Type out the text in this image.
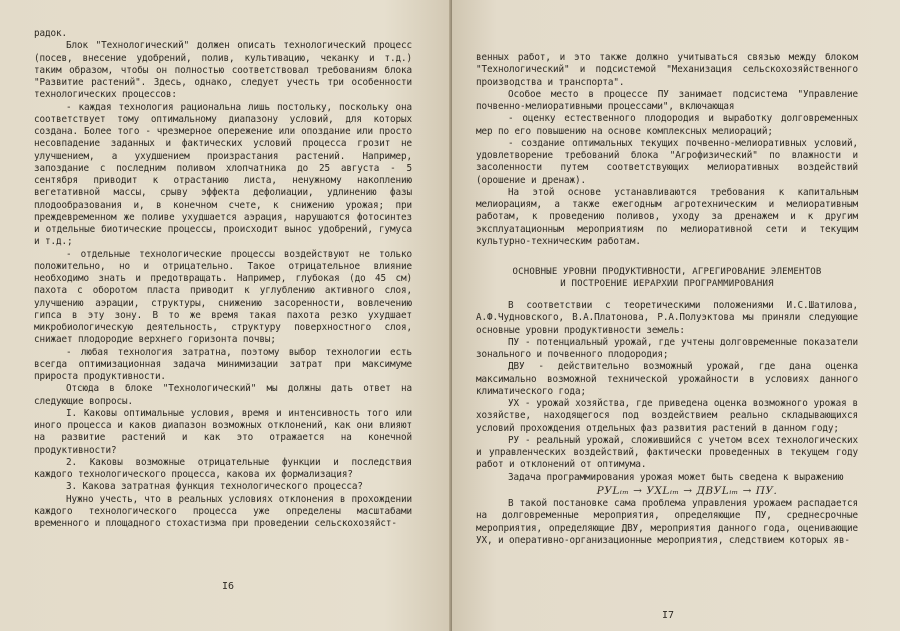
радок.

Блок "Технологический" должен описать технологический процесс (посев, внесение удобрений, полив, культивацию, чеканку и т.д.) таким образом, чтобы он полностью соответствовал требованиям блока "Развитие растений". Здесь, однако, следует учесть три особенности технологических процессов:

- каждая технология рациональна лишь постольку, поскольку она соответствует тому оптимальному диапазону условий, для которых создана. Более того - чрезмерное опережение или опоздание или просто несовпадение заданных и фактических условий процесса грозит не улучшением, а ухудшением произрастания растений. Например, запоздание с последним поливом хлопчатника до 25 августа - 5 сентября приводит к отрастанию листа, ненужному накоплению вегетативной массы, срыву эффекта дефолиации, удлинению фазы плодообразования и, в конечном счете, к снижению урожая; при преждевременном же поливе ухудшается аэрация, нарушаются фотосинтез и отдельные биотические процессы, происходит вынос удобрений, гумуса и т.д.;

- отдельные технологические процессы воздействуют не только положительно, но и отрицательно. Такое отрицательное влияние необходимо знать и предотвращать. Например, глубокая (до 45 см) пахота с оборотом пласта приводит к углублению активного слоя, улучшению аэрации, структуры, снижению засоренности, вовлечению гипса в эту зону. В то же время такая пахота резко ухудшает микробиологическую деятельность, структуру поверхностного слоя, снижает плодородие верхнего горизонта почвы;

- любая технология затратна, поэтому выбор технологии есть всегда оптимизационная задача минимизации затрат при максимуме прироста продуктивности.

Отсюда в блоке "Технологический" мы должны дать ответ на следующие вопросы.

I. Каковы оптимальные условия, время и интенсивность того или иного процесса и каков диапазон возможных отклонений, как они влияют на развитие растений и как это отражается на конечной продуктивности?

2. Каковы возможные отрицательные функции и последствия каждого технологического процесса, какова их формализация?

3. Какова затратная функция технологического процесса?

Нужно учесть, что в реальных условиях отклонения в прохождении каждого технологического процесса уже определены масштабами временного и площадного стохастизма при проведении сельскохозяйст-

I6

венных работ, и это также должно учитываться связью между блоком "Технологический" и подсистемой "Механизация сельскохозяйственного производства и транспорта".

Особое место в процессе ПУ занимает подсистема "Управление почвенно-мелиоративными процессами", включающая

- оценку естественного плодородия и выработку долговременных мер по его повышению на основе комплексных мелиораций;

- создание оптимальных текущих почвенно-мелиоративных условий, удовлетворение требований блока "Агрофизический" по влажности и засоленности путем соответствующих мелиоративных воздействий (орошение и дренаж).

На этой основе устанавливаются требования к капитальным мелиорациям, а также ежегодным агротехническим и мелиоративным работам, к проведению поливов, уходу за дренажем и к другим эксплуатационным мероприятиям по мелиоративной сети и текущим культурно-техническим работам.

ОСНОВНЫЕ УРОВНИ ПРОДУКТИВНОСТИ, АГРЕГИРОВАНИЕ ЭЛЕМЕНТОВ
И ПОСТРОЕНИЕ ИЕРАРХИИ ПРОГРАММИРОВАНИЯ

В соответствии с теоретическими положениями И.С.Шатилова, А.Ф.Чудновского, В.А.Платонова, Р.А.Полуэктова мы приняли следующие основные уровни продуктивности земель:

ПУ - потенциальный урожай, где учтены долговременные показатели зонального и почвенного плодородия;

ДВУ - действительно возможный урожай, где дана оценка максимально возможной технической урожайности в условиях данного климатического года;

УХ - урожай хозяйства, где приведена оценка возможного урожая в хозяйстве, находящегося под воздействием реально складывающихся условий прохождения отдельных фаз развития растений в данном году;

РУ - реальный урожай, сложившийся с учетом всех технологических и управленческих воздействий, фактически проведенных в текущем году работ и отклонений от оптимума.

Задача программирования урожая может быть сведена к выражению

РУLᵢₘ → УХLᵢₘ → ДВУLᵢₘ → ПУ.

В такой постановке сама проблема управления урожаем распадается на долговременные мероприятия, определяющие ПУ, среднесрочные мероприятия, определяющие ДВУ, мероприятия данного года, оценивающие УХ, и оперативно-организационные мероприятия, следствием которых яв-

I7
